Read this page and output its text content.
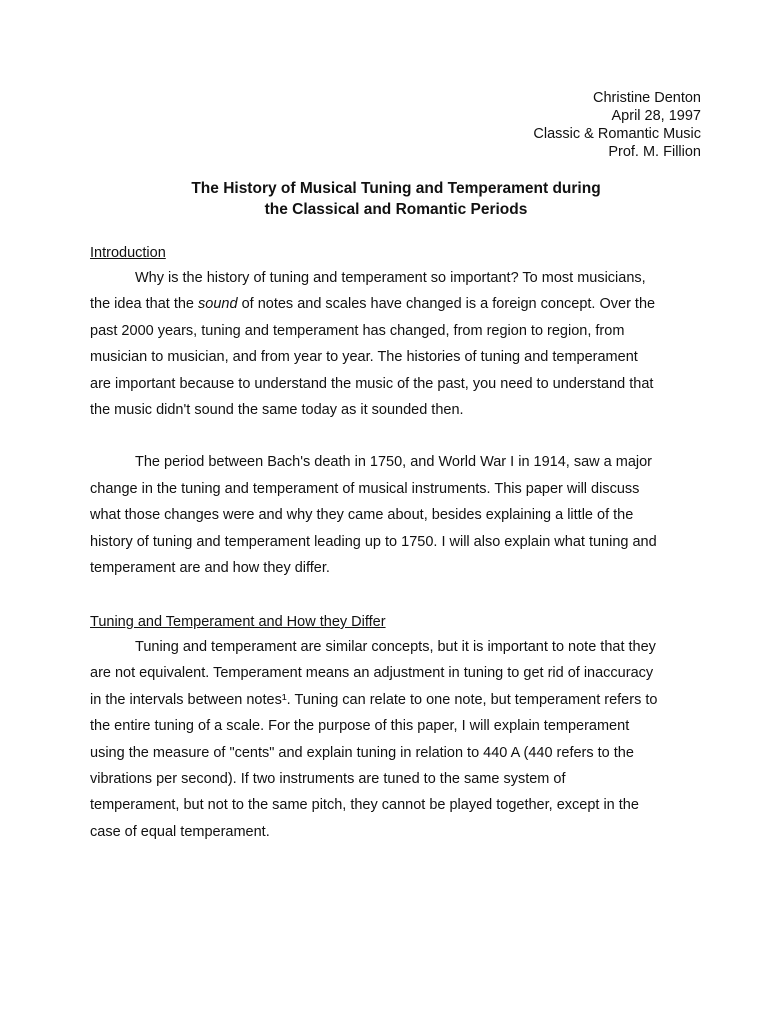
Christine Denton
April 28, 1997
Classic & Romantic Music
Prof. M. Fillion
The History of Musical Tuning and Temperament during
the Classical and Romantic Periods
Introduction
Why is the history of tuning and temperament so important? To most musicians,
the idea that the sound of notes and scales have changed is a foreign concept. Over the
past 2000 years, tuning and temperament has changed, from region to region, from
musician to musician, and from year to year. The histories of tuning and temperament
are important because to understand the music of the past, you need to understand that
the music didn't sound the same today as it sounded then.
The period between Bach's death in 1750, and World War I in 1914, saw a major
change in the tuning and temperament of musical instruments. This paper will discuss
what those changes were and why they came about, besides explaining a little of the
history of tuning and temperament leading up to 1750. I will also explain what tuning and
temperament are and how they differ.
Tuning and Temperament and How they Differ
Tuning and temperament are similar concepts, but it is important to note that they
are not equivalent. Temperament means an adjustment in tuning to get rid of inaccuracy
in the intervals between notes¹. Tuning can relate to one note, but temperament refers to
the entire tuning of a scale. For the purpose of this paper, I will explain temperament
using the measure of "cents" and explain tuning in relation to 440 A (440 refers to the
vibrations per second). If two instruments are tuned to the same system of
temperament, but not to the same pitch, they cannot be played together, except in the
case of equal temperament.
